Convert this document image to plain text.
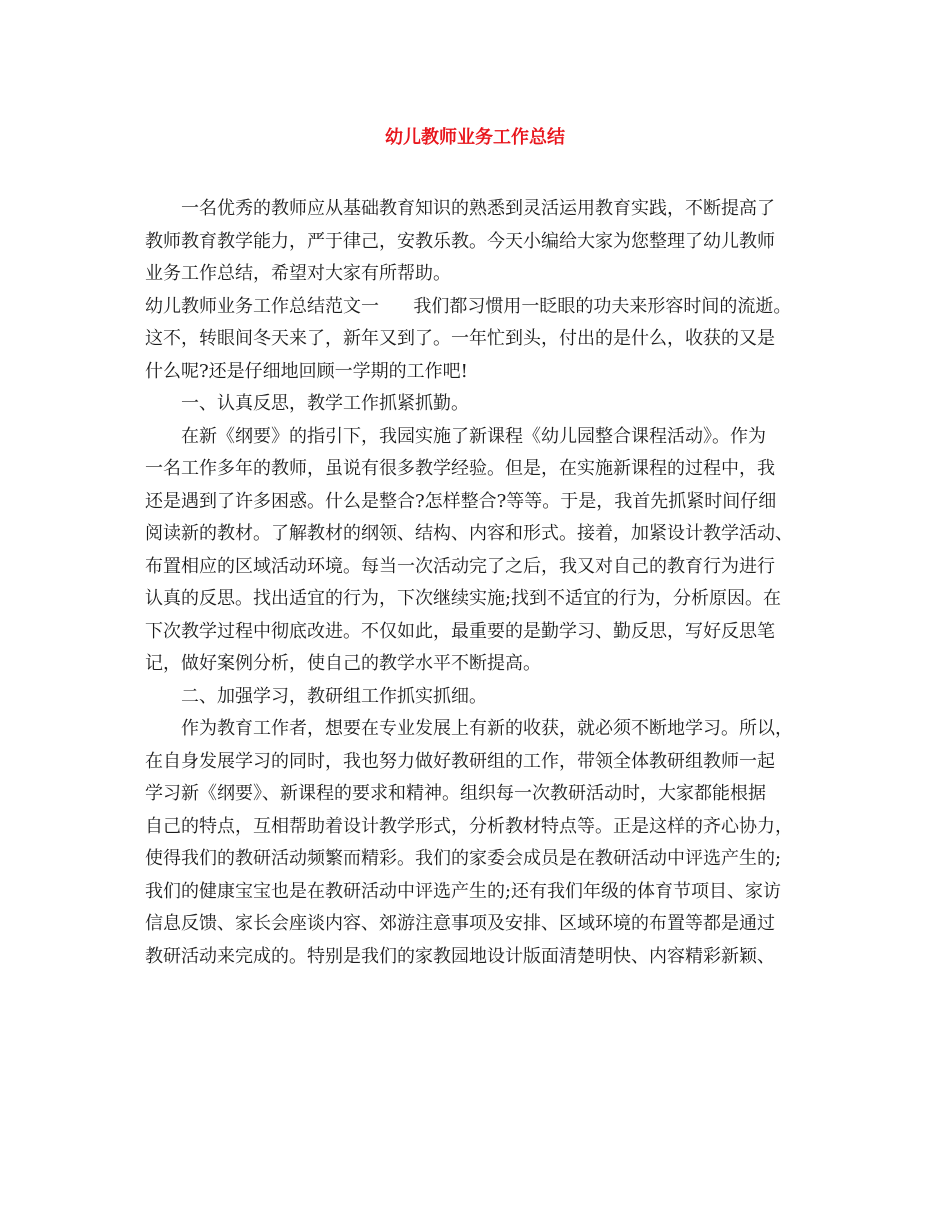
幼儿教师业务工作总结
一名优秀的教师应从基础教育知识的熟悉到灵活运用教育实践，不断提高了
教师教育教学能力，严于律己，安教乐教。今天小编给大家为您整理了幼儿教师
业务工作总结，希望对大家有所帮助。
幼儿教师业务工作总结范文一      我们都习惯用一眨眼的功夫来形容时间的流逝。
这不，转眼间冬天来了，新年又到了。一年忙到头，付出的是什么，收获的又是
什么呢?还是仔细地回顾一学期的工作吧!
一、认真反思，教学工作抓紧抓勤。
在新《纲要》的指引下，我园实施了新课程《幼儿园整合课程活动》。作为
一名工作多年的教师，虽说有很多教学经验。但是，在实施新课程的过程中，我
还是遇到了许多困惑。什么是整合?怎样整合?等等。于是，我首先抓紧时间仔细
阅读新的教材。了解教材的纲领、结构、内容和形式。接着，加紧设计教学活动、
布置相应的区域活动环境。每当一次活动完了之后，我又对自己的教育行为进行
认真的反思。找出适宜的行为，下次继续实施;找到不适宜的行为，分析原因。在
下次教学过程中彻底改进。不仅如此，最重要的是勤学习、勤反思，写好反思笔
记，做好案例分析，使自己的教学水平不断提高。
二、加强学习，教研组工作抓实抓细。
作为教育工作者，想要在专业发展上有新的收获，就必须不断地学习。所以，
在自身发展学习的同时，我也努力做好教研组的工作，带领全体教研组教师一起
学习新《纲要》、新课程的要求和精神。组织每一次教研活动时，大家都能根据
自己的特点，互相帮助着设计教学形式，分析教材特点等。正是这样的齐心协力，
使得我们的教研活动频繁而精彩。我们的家委会成员是在教研活动中评选产生的;
我们的健康宝宝也是在教研活动中评选产生的;还有我们年级的体育节项目、家访
信息反馈、家长会座谈内容、郊游注意事项及安排、区域环境的布置等都是通过
教研活动来完成的。特别是我们的家教园地设计版面清楚明快、内容精彩新颖、
